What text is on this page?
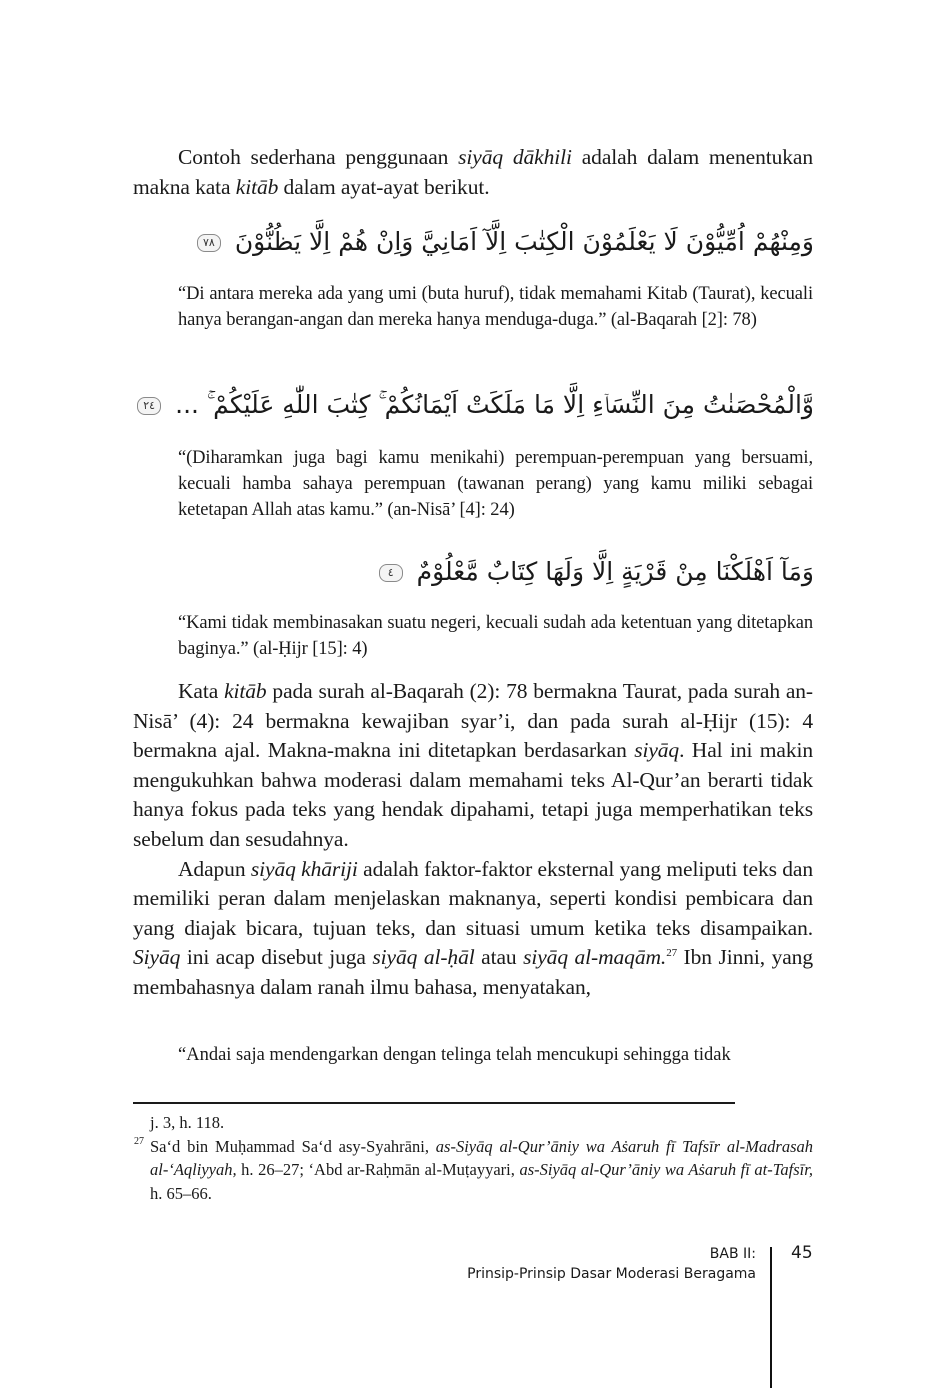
Contoh sederhana penggunaan siyāq dākhili adalah dalam menentukan makna kata kitāb dalam ayat-ayat berikut.

وَمِنْهُمْ اُمِّيُّوْنَ لَا يَعْلَمُوْنَ الْكِتٰبَ اِلَّآ اَمَانِيَّ وَاِنْ هُمْ اِلَّا يَظُنُّوْنَ ٧٨

“Di antara mereka ada yang umi (buta huruf), tidak memahami Kitab (Taurat), kecuali hanya berangan-angan dan mereka hanya menduga-duga.” (al-Baqarah [2]: 78)

وَّالْمُحْصَنٰتُ مِنَ النِّسَاۤءِ اِلَّا مَا مَلَكَتْ اَيْمَانُكُمْ ۚ كِتٰبَ اللّٰهِ عَلَيْكُمْ ۚ ... ٢٤

“(Diharamkan juga bagi kamu menikahi) perempuan-perempuan yang bersuami, kecuali hamba sahaya perempuan (tawanan perang) yang kamu miliki sebagai ketetapan Allah atas kamu.” (an-Nisā’ [4]: 24)

وَمَآ اَهْلَكْنَا مِنْ قَرْيَةٍ اِلَّا وَلَهَا كِتَابٌ مَّعْلُوْمٌ ٤

“Kami tidak membinasakan suatu negeri, kecuali sudah ada ketentuan yang ditetapkan baginya.” (al-Ḥijr [15]: 4)

Kata kitāb pada surah al-Baqarah (2): 78 bermakna Taurat, pada surah an-Nisā’ (4): 24 bermakna kewajiban syar’i, dan pada surah al-Ḥijr (15): 4 bermakna ajal. Makna-makna ini ditetapkan berdasarkan siyāq. Hal ini makin mengukuhkan bahwa moderasi dalam memahami teks Al-Qur’an berarti tidak hanya fokus pada teks yang hendak dipahami, tetapi juga memperhatikan teks sebelum dan sesudahnya.

Adapun siyāq khāriji adalah faktor-faktor eksternal yang meliputi teks dan memiliki peran dalam menjelaskan maknanya, seperti kondisi pembicara dan yang diajak bicara, tujuan teks, dan situasi umum ketika teks disampaikan. Siyāq ini acap disebut juga siyāq al-ḥāl atau siyāq al-maqām.$^{27}$ Ibn Jinni, yang membahasnya dalam ranah ilmu bahasa, menyatakan,

“Andai saja mendengarkan dengan telinga telah mencukupi sehingga tidak

j. 3, h. 118.

27 Sa‘d bin Muḥammad Sa‘d asy-Syahrāni, as-Siyāq al-Qur’āniy wa Aṡaruh fī Tafsīr al-Madrasah al-‘Aqliyyah, h. 26–27; ‘Abd ar-Raḥmān al-Muṭayyari, as-Siyāq al-Qur’āniy wa Aṡaruh fī at-Tafsīr, h. 65–66.

BAB II:
Prinsip-Prinsip Dasar Moderasi Beragama
45
